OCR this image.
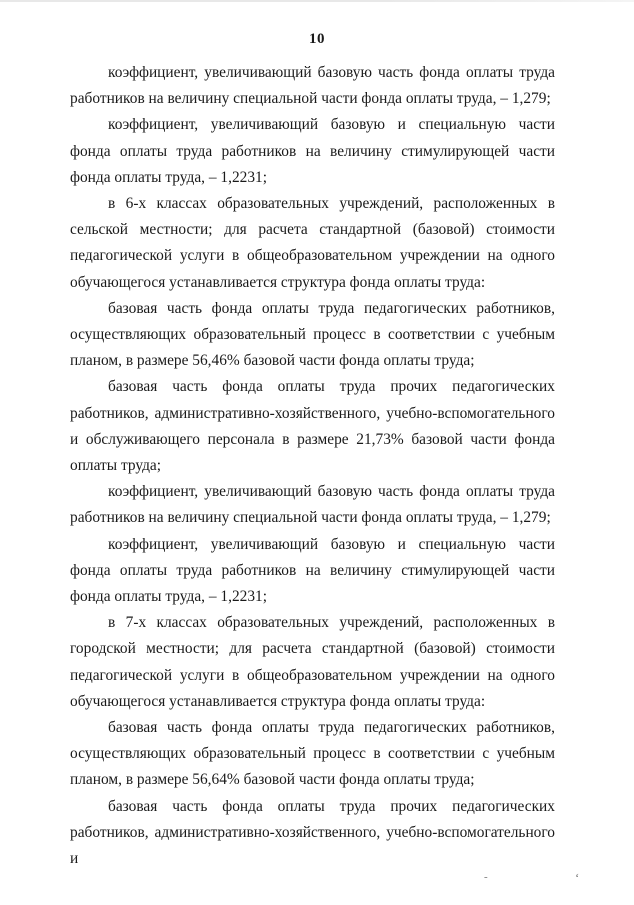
10

коэффициент, увеличивающий базовую часть фонда оплаты труда работников на величину специальной части фонда оплаты труда, – 1,279;

коэффициент, увеличивающий базовую и специальную части фонда оплаты труда работников на величину стимулирующей части фонда оплаты труда, – 1,2231;

в 6-х классах образовательных учреждений, расположенных в сельской местности; для расчета стандартной (базовой) стоимости педагогической услуги в общеобразовательном учреждении на одного обучающегося устанавливается структура фонда оплаты труда:

базовая часть фонда оплаты труда педагогических работников, осуществляющих образовательный процесс в соответствии с учебным планом, в размере 56,46% базовой части фонда оплаты труда;

базовая часть фонда оплаты труда прочих педагогических работников, административно-хозяйственного, учебно-вспомогательного и обслуживающего персонала в размере 21,73% базовой части фонда оплаты труда;

коэффициент, увеличивающий базовую часть фонда оплаты труда работников на величину специальной части фонда оплаты труда, – 1,279;

коэффициент, увеличивающий базовую и специальную части фонда оплаты труда работников на величину стимулирующей части фонда оплаты труда, – 1,2231;

в 7-х классах образовательных учреждений, расположенных в городской местности; для расчета стандартной (базовой) стоимости педагогической услуги в общеобразовательном учреждении на одного обучающегося устанавливается структура фонда оплаты труда:

базовая часть фонда оплаты труда педагогических работников, осуществляющих образовательный процесс в соответствии с учебным планом, в размере 56,64% базовой части фонда оплаты труда;

базовая часть фонда оплаты труда прочих педагогических работников, административно-хозяйственного, учебно-вспомогательного и

‑	‘
